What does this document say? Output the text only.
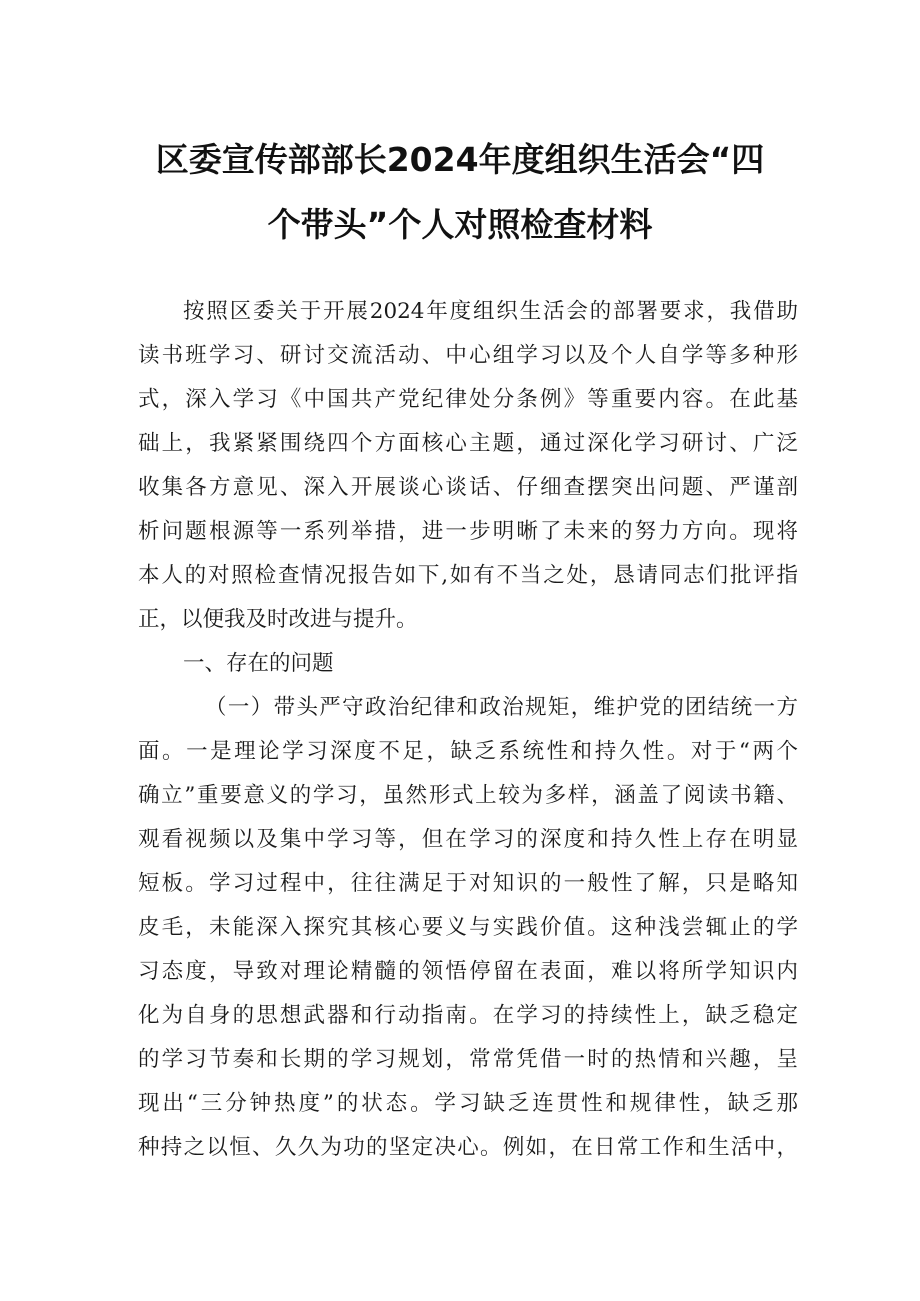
区委宣传部部长2024年度组织生活会“四
个带头”个人对照检查材料
按照区委关于开展2024年度组织生活会的部署要求，我借助
读书班学习、研讨交流活动、中心组学习以及个人自学等多种形
式，深入学习《中国共产党纪律处分条例》等重要内容。在此基
础上，我紧紧围绕四个方面核心主题，通过深化学习研讨、广泛
收集各方意见、深入开展谈心谈话、仔细查摆突出问题、严谨剖
析问题根源等一系列举措，进一步明晰了未来的努力方向。现将
本人的对照检查情况报告如下,如有不当之处，恳请同志们批评指
正，以便我及时改进与提升。
一、存在的问题
（一）带头严守政治纪律和政治规矩，维护党的团结统一方
面。一是理论学习深度不足，缺乏系统性和持久性。对于“两个
确立”重要意义的学习，虽然形式上较为多样，涵盖了阅读书籍、
观看视频以及集中学习等，但在学习的深度和持久性上存在明显
短板。学习过程中，往往满足于对知识的一般性了解，只是略知
皮毛，未能深入探究其核心要义与实践价值。这种浅尝辄止的学
习态度，导致对理论精髓的领悟停留在表面，难以将所学知识内
化为自身的思想武器和行动指南。在学习的持续性上，缺乏稳定
的学习节奏和长期的学习规划，常常凭借一时的热情和兴趣，呈
现出“三分钟热度”的状态。学习缺乏连贯性和规律性，缺乏那
种持之以恒、久久为功的坚定决心。例如，在日常工作和生活中，
